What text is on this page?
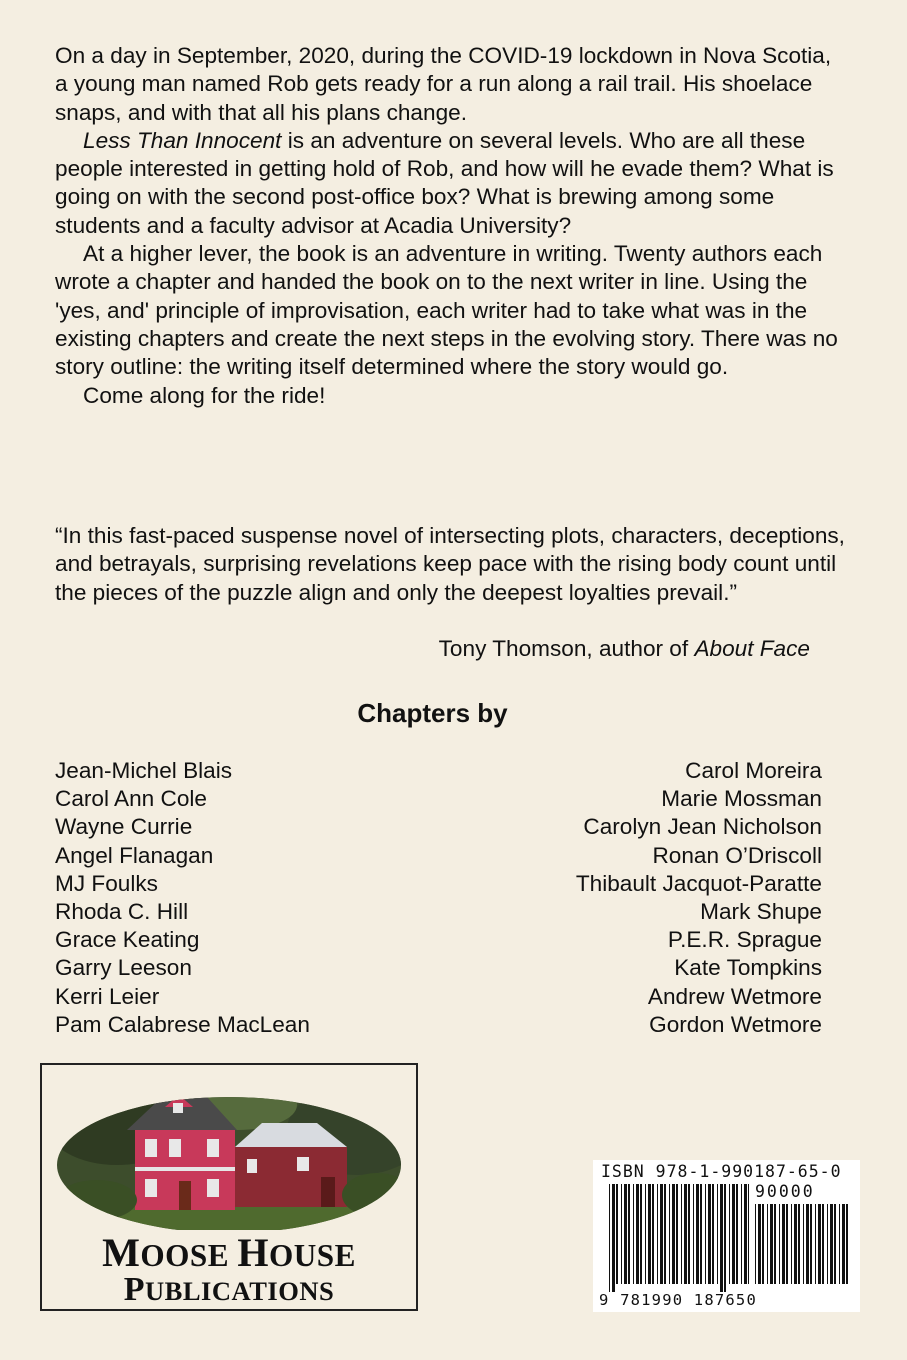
On a day in September, 2020, during the COVID-19 lockdown in Nova Scotia, a young man named Rob gets ready for a run along a rail trail. His shoelace snaps, and with that all his plans change.

Less Than Innocent is an adventure on several levels. Who are all these people interested in getting hold of Rob, and how will he evade them? What is going on with the second post-office box? What is brewing among some students and a faculty advisor at Acadia University?

At a higher lever, the book is an adventure in writing. Twenty authors each wrote a chapter and handed the book on to the next writer in line. Using the 'yes, and' principle of improvisation, each writer had to take what was in the existing chapters and create the next steps in the evolving story. There was no story outline: the writing itself determined where the story would go.

Come along for the ride!

“In this fast-paced suspense novel of intersecting plots, characters, deceptions, and betrayals, surprising revelations keep pace with the rising body count until the pieces of the puzzle align and only the deepest loyalties prevail.”

Tony Thomson, author of About Face
Chapters by
Jean-Michel Blais
Carol Ann Cole
Wayne Currie
Angel Flanagan
MJ Foulks
Rhoda C. Hill
Grace Keating
Garry Leeson
Kerri Leier
Pam Calabrese MacLean
Carol Moreira
Marie Mossman
Carolyn Jean Nicholson
Ronan O’Driscoll
Thibault Jacquot-Paratte
Mark Shupe
P.E.R. Sprague
Kate Tompkins
Andrew Wetmore
Gordon Wetmore
MOOSE HOUSE
PUBLICATIONS
ISBN 978-1-990187-65-0
90000
9 781990 187650
